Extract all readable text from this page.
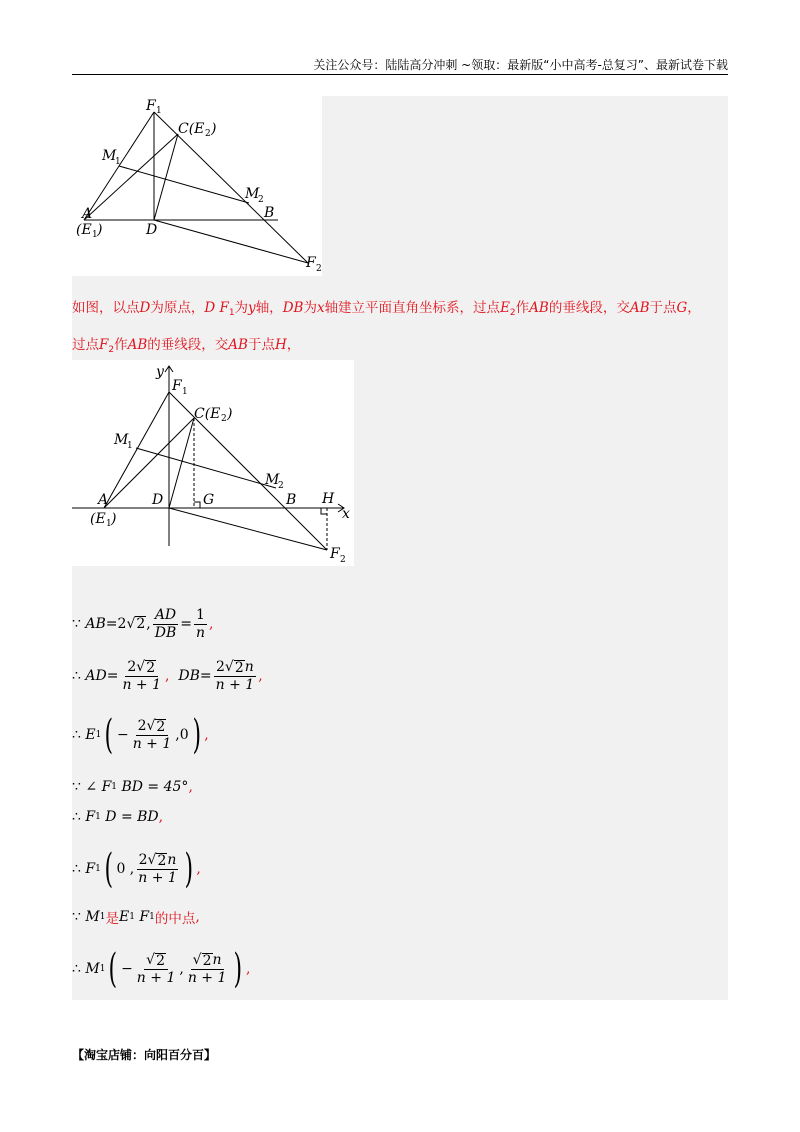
关注公众号：陆陆高分冲刺 ~领取：最新版“小中高考-总复习”、最新试卷下载
F 1
C(E 2 )
M
1
M
2
A
(E 1 )	D
B
F 2
如图，以点D为原点，D $F_1$为y轴，DB为x轴建立平面直角坐标系，过点$E_2$作AB的垂线段，交AB于点G，
过点$F_2$作AB的垂线段，交AB于点H，
y
F 1
C(E 2 )
M
1
M
2
A
(E 1 )
D	G	B H
x
F 2
∵
AB = 2 √ 2 , $\frac{AD}{DB} = \frac{1}{n}$ ,
∴
AD = $\frac{2√ 2}{n + 1}$ ,
DB = $\frac{2√ 2 n}{n + 1}$ ,
∴
E 1 ( − $\frac{2√ 2}{n + 1} ,0$ ) ,
∵
∠
F 1
BD = 45° ,
∴
F 1
D = BD ,
∴
F 1 ( 0 , $\frac{2√ 2 n}{n + 1}$ ) ,
∵
M 1 是 E 1
F 1 的中点 ,
∴
M 1 ( − $\frac{√ 2}{n + 1}$ , $\frac{√ 2 n}{n + 1}$ ) ,
【淘宝店铺：向阳百分百】
